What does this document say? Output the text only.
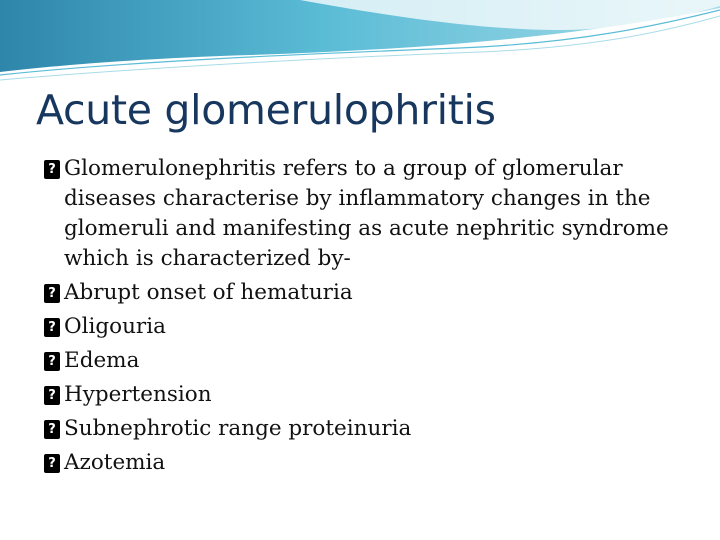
Acute glomerulophritis
? Glomerulonephritis refers to a group of glomerular diseases characterise by inflammatory changes in the glomeruli and manifesting as acute nephritic syndrome which is characterized by-
? Abrupt onset of hematuria
? Oligouria
? Edema
? Hypertension
? Subnephrotic range proteinuria
? Azotemia
